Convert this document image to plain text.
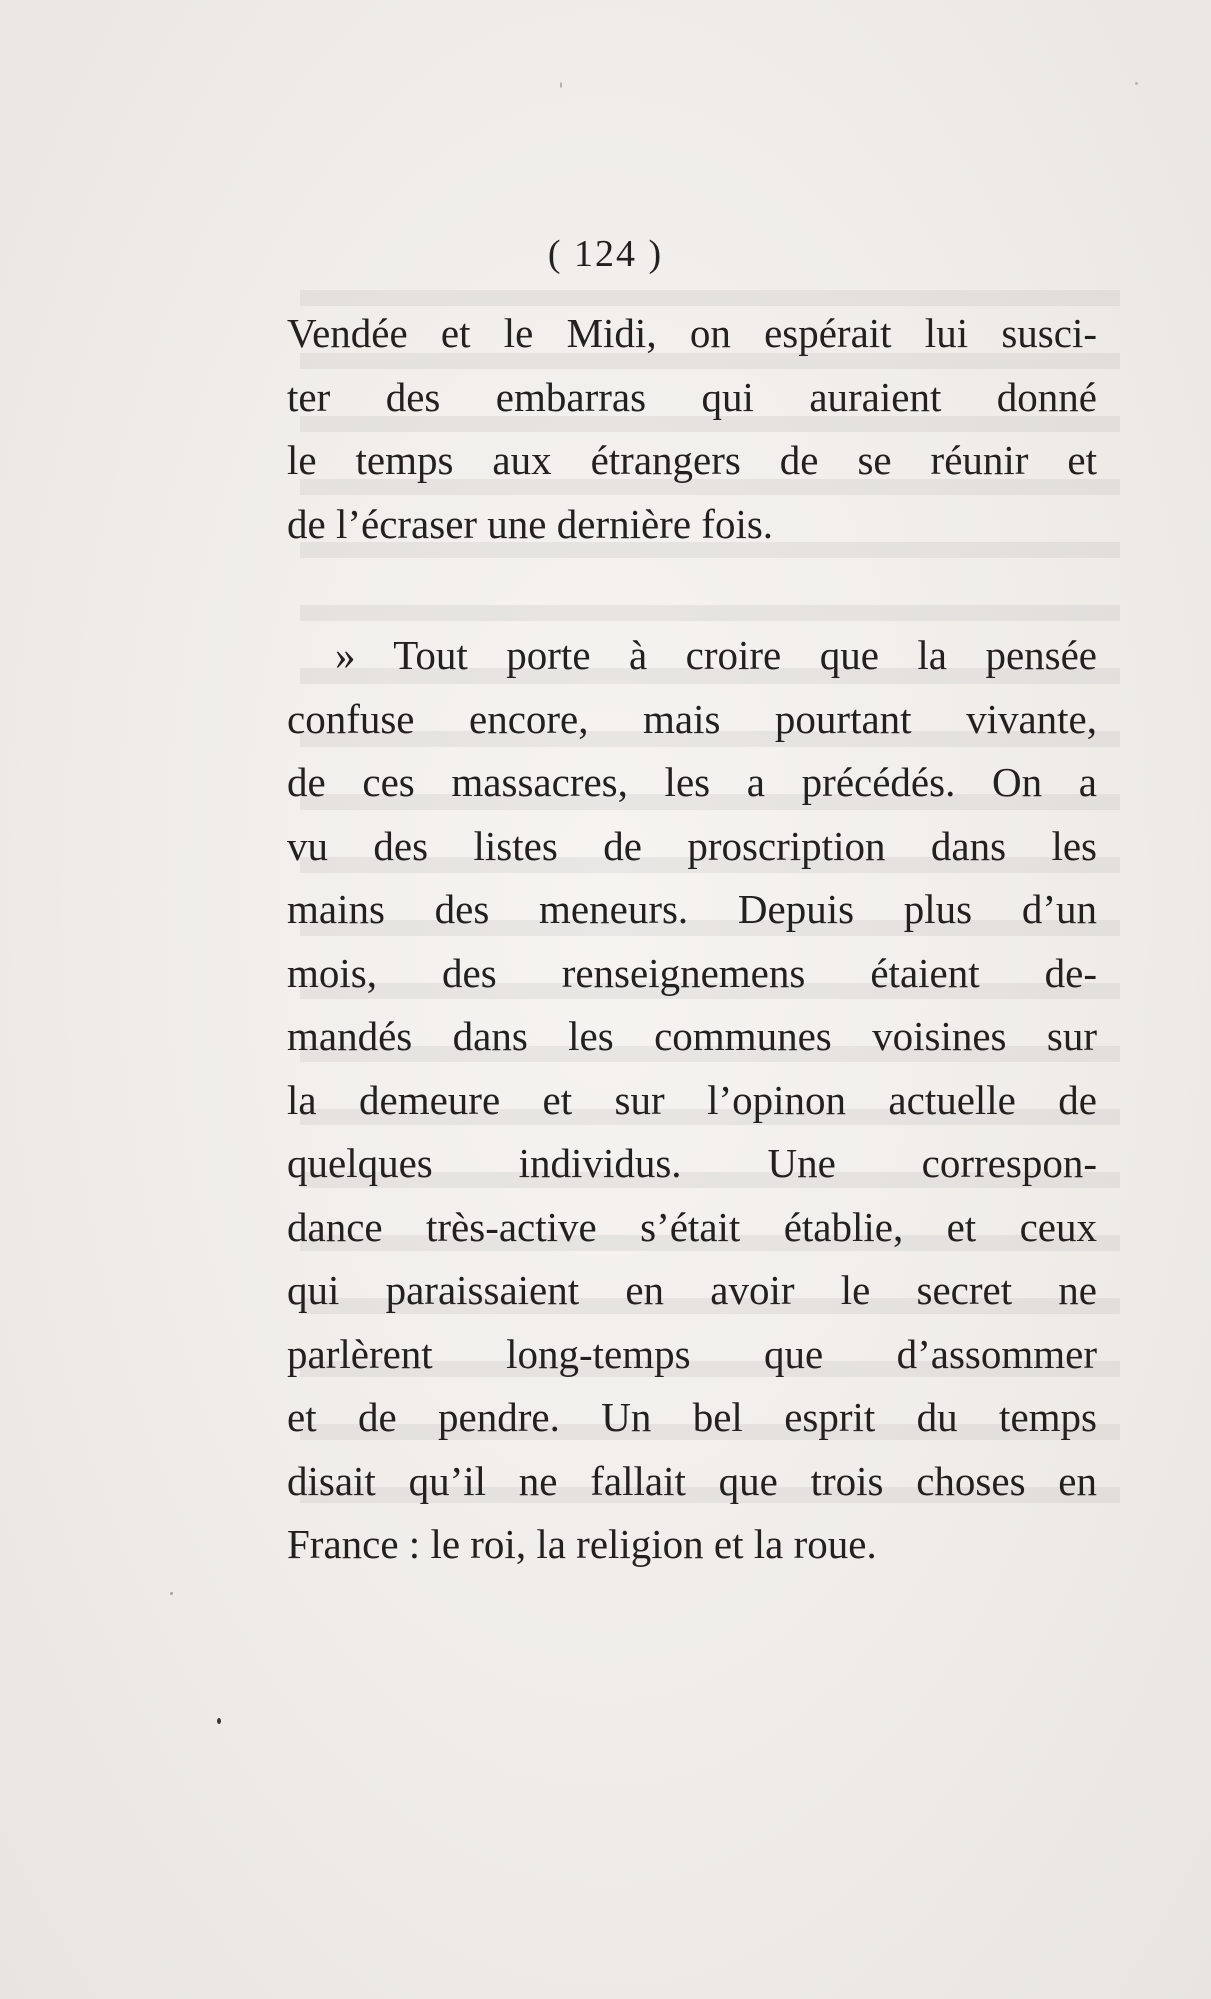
( 124 )
Vendée et le Midi, on espérait lui susci-
ter des embarras qui auraient donné
le temps aux étrangers de se réunir et
de l’écraser une dernière fois.
» Tout porte à croire que la pensée
confuse encore, mais pourtant vivante,
de ces massacres, les a précédés. On a
vu des listes de proscription dans les
mains des meneurs. Depuis plus d’un
mois, des renseignemens étaient de-
mandés dans les communes voisines sur
la demeure et sur l’opinon actuelle de
quelques individus. Une correspon-
dance très-active s’était établie, et ceux
qui paraissaient en avoir le secret ne
parlèrent long-temps que d’assommer
et de pendre. Un bel esprit du temps
disait qu’il ne fallait que trois choses en
France : le roi, la religion et la roue.
